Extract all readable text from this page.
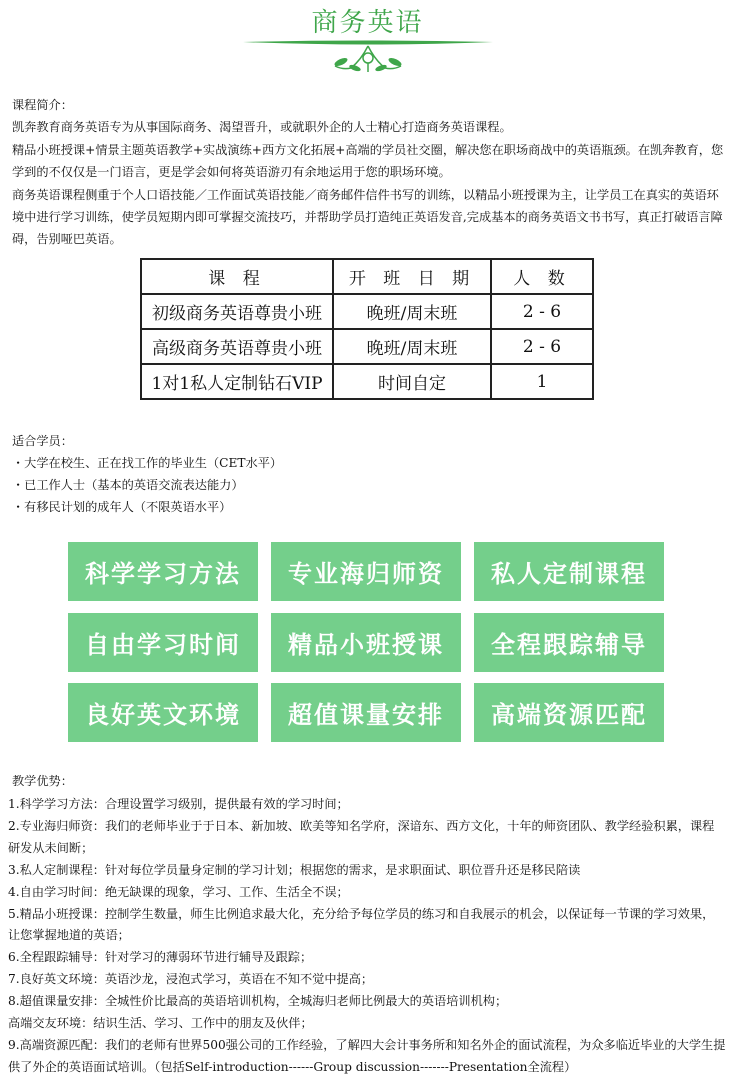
商务英语

课程简介：

凯奔教育商务英语专为从事国际商务、渴望晋升，或就职外企的人士精心打造商务英语课程。

精品小班授课+情景主题英语教学+实战演练+西方文化拓展+高端的学员社交圈，解决您在职场商战中的英语瓶颈。在凯奔教育，您学到的不仅仅是一门语言，更是学会如何将英语游刃有余地运用于您的职场环境。

商务英语课程侧重于个人口语技能／工作面试英语技能／商务邮件信件书写的训练，以精品小班授课为主，让学员工在真实的英语环境中进行学习训练，使学员短期内即可掌握交流技巧，并帮助学员打造纯正英语发音,完成基本的商务英语文书书写，真正打破语言障碍，告别哑巴英语。

课 程	开 班 日 期	人 数
初级商务英语尊贵小班	晚班/周末班	2 - 6
高级商务英语尊贵小班	晚班/周末班	2 - 6
1对1私人定制钻石VIP	时间自定	1
适合学员：
・大学在校生、正在找工作的毕业生（CET水平）
・已工作人士（基本的英语交流表达能力）
・有移民计划的成年人（不限英语水平）
科学学习方法	专业海归师资	私人定制课程
自由学习时间	精品小班授课	全程跟踪辅导
良好英文环境	超值课量安排	高端资源匹配
教学优势：
1.科学学习方法：合理设置学习级别，提供最有效的学习时间；
2.专业海归师资：我们的老师毕业于于日本、新加坡、欧美等知名学府，深谙东、西方文化，十年的师资团队、教学经验积累，课程研发从未间断；
3.私人定制课程：针对每位学员量身定制的学习计划；根据您的需求，是求职面试、职位晋升还是移民陪读
4.自由学习时间：绝无缺课的现象，学习、工作、生活全不误；
5.精品小班授课：控制学生数量，师生比例追求最大化，充分给予每位学员的练习和自我展示的机会，以保证每一节课的学习效果，让您掌握地道的英语；
6.全程跟踪辅导：针对学习的薄弱环节进行辅导及跟踪；
7.良好英文环境：英语沙龙，浸泡式学习，英语在不知不觉中提高；
8.超值课量安排：全城性价比最高的英语培训机构，全城海归老师比例最大的英语培训机构；
高端交友环境：结识生活、学习、工作中的朋友及伙伴；
9.高端资源匹配：我们的老师有世界500强公司的工作经验，了解四大会计事务所和知名外企的面试流程，为众多临近毕业的大学生提供了外企的英语面试培训。（包括Self-introduction------Group discussion-------Presentation全流程）
